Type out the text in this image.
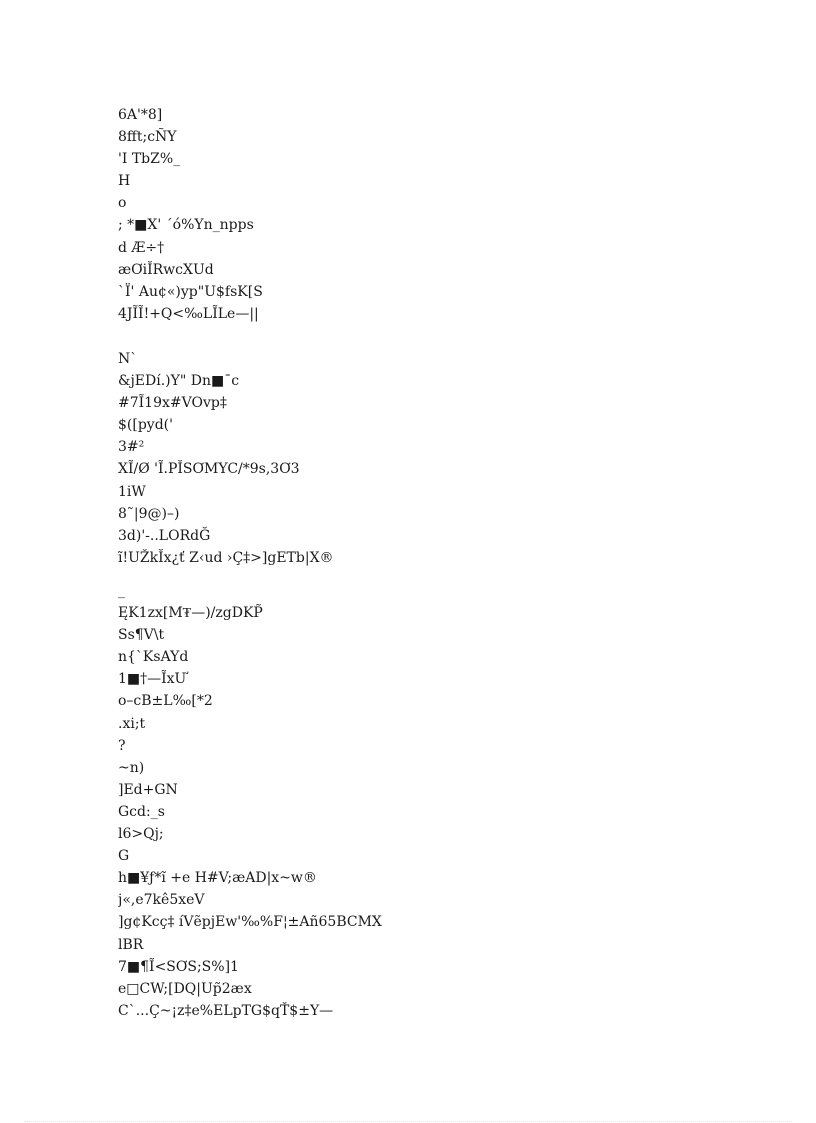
6A'*8]
8fft;cÑY
'I TbZ%_
H
o
; *■X' ´ó%Yn_npps
d Æ÷†
æƠiĬRwcXUd
`Ï' Au¢«)yp"U$fsK[S
4JĨĨ!+Q<‰LĨLe—||
N`
&jEDí.)Y" Dn■¯c
#7Ĩ19x#VOvp‡
$([pyd('
3#²
XĨ/Ø 'Ĩ.PĬSƠMYC/*9s,3Ơ3
1iW
8˜|9@)–)
3d)'-..LORdĞ
ĩ!UŽkĬx¿ť Z‹ud ›Ç‡>]gETb|X®
_
ĘK1zx[M₮—)/zgDKP̃
Ss¶V\t
n{`KsAYd
1■†—ĨxƯ
o–cB±L‰[*2
.xi;t
?
~n)
]Ed+GN
Gcd:_s
l6>Qj;
G
h■¥ƒ*ĩ +e H#V;æAD|x~w®
j«,e7kê5xeV
]g¢Kcç‡ íVẽpjEw'‰%F¦±Añ65BCMX
lBR
7■¶Ĩ<SƠS;S%]1
e□CW;[DQ|Up̃2æx
C`...Ç~¡z‡e%ELpTG$qŤ$±Y—
